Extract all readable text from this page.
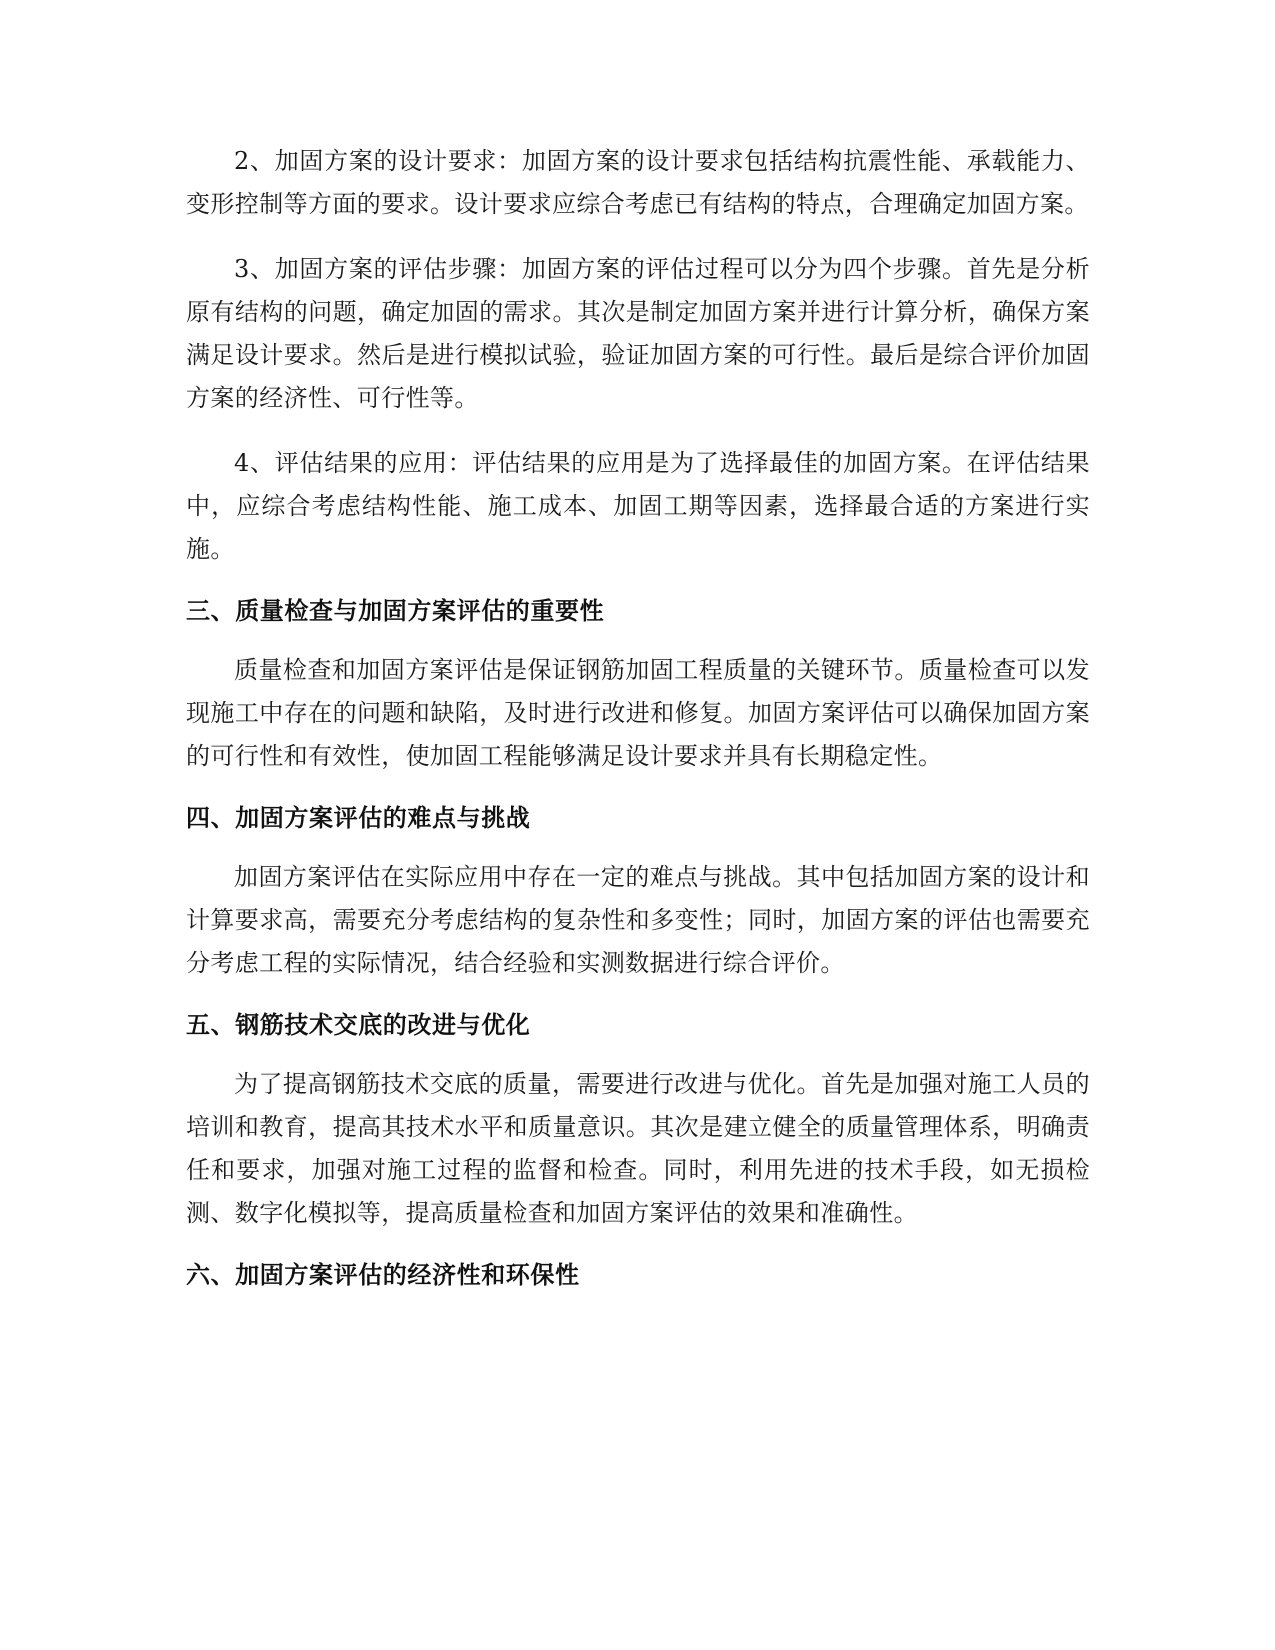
2、加固方案的设计要求：加固方案的设计要求包括结构抗震性能、承载能力、变形控制等方面的要求。设计要求应综合考虑已有结构的特点，合理确定加固方案。

3、加固方案的评估步骤：加固方案的评估过程可以分为四个步骤。首先是分析原有结构的问题，确定加固的需求。其次是制定加固方案并进行计算分析，确保方案满足设计要求。然后是进行模拟试验，验证加固方案的可行性。最后是综合评价加固方案的经济性、可行性等。

4、评估结果的应用：评估结果的应用是为了选择最佳的加固方案。在评估结果中，应综合考虑结构性能、施工成本、加固工期等因素，选择最合适的方案进行实施。

三、质量检查与加固方案评估的重要性

质量检查和加固方案评估是保证钢筋加固工程质量的关键环节。质量检查可以发现施工中存在的问题和缺陷，及时进行改进和修复。加固方案评估可以确保加固方案的可行性和有效性，使加固工程能够满足设计要求并具有长期稳定性。

四、加固方案评估的难点与挑战

加固方案评估在实际应用中存在一定的难点与挑战。其中包括加固方案的设计和计算要求高，需要充分考虑结构的复杂性和多变性；同时，加固方案的评估也需要充分考虑工程的实际情况，结合经验和实测数据进行综合评价。

五、钢筋技术交底的改进与优化

为了提高钢筋技术交底的质量，需要进行改进与优化。首先是加强对施工人员的培训和教育，提高其技术水平和质量意识。其次是建立健全的质量管理体系，明确责任和要求，加强对施工过程的监督和检查。同时，利用先进的技术手段，如无损检测、数字化模拟等，提高质量检查和加固方案评估的效果和准确性。

六、加固方案评估的经济性和环保性
